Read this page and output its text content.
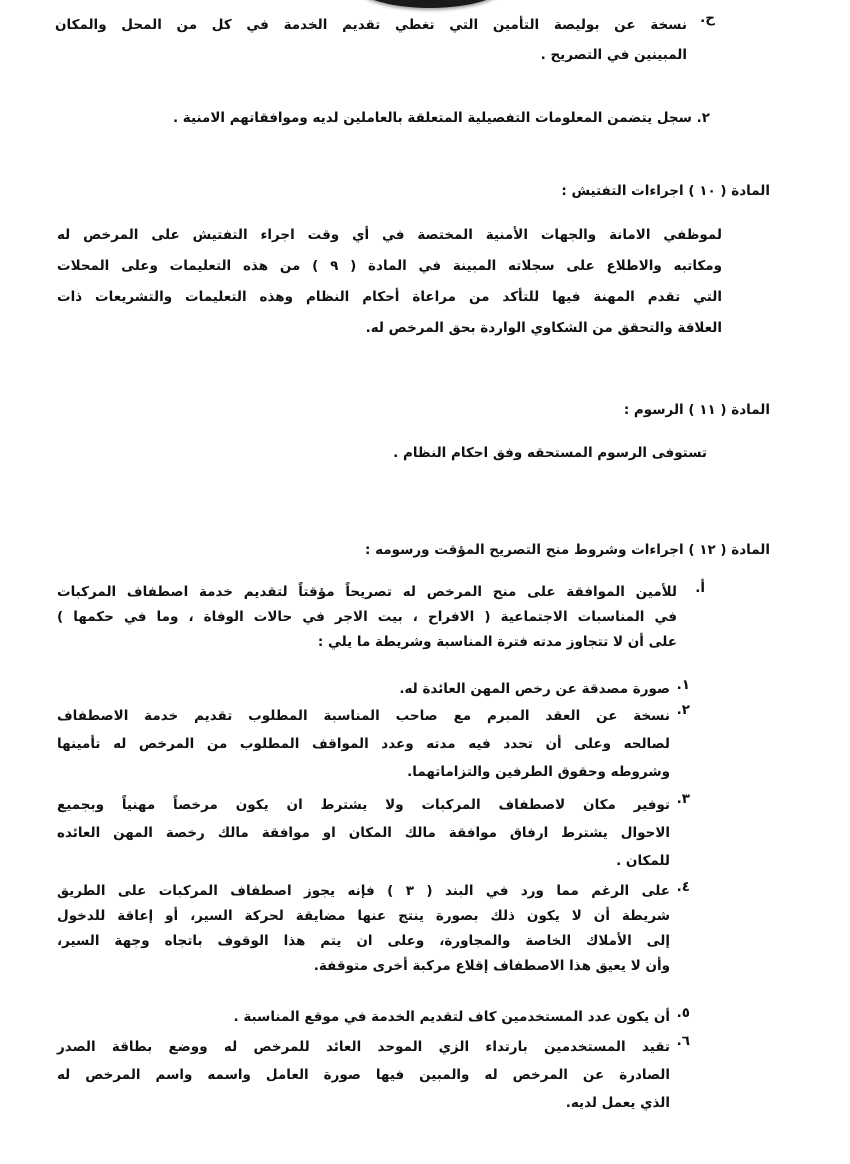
ح.
نسخة عن بوليصة التأمين التي تغطي تقديم الخدمة في كل من المحل والمكان
المبينين في التصريح .
٢. سجل يتضمن المعلومات التفصيلية المتعلقة بالعاملين لديه وموافقاتهم الامنية .
المادة ( ١٠ ) اجراءات التفتيش :
لموظفي الامانة والجهات الأمنية المختصة في أي وقت اجراء التفتيش على المرخص له
ومكاتبه والاطلاع على سجلاته المبينة في المادة ( ٩ ) من هذه التعليمات وعلى المحلات
التي تقدم المهنة فيها للتأكد من مراعاة أحكام النظام وهذه التعليمات والتشريعات ذات
العلاقة والتحقق من الشكاوي الواردة بحق المرخص له.
المادة ( ١١ ) الرسوم :
تستوفى الرسوم المستحقه وفق احكام النظام .
المادة ( ١٢ ) اجراءات وشروط منح التصريح المؤقت ورسومه :
أ.
للأمين الموافقة على منح المرخص له تصريحاً مؤقتاً لتقديم خدمة اصطفاف المركبات
في المناسبات الاجتماعية ( الافراح ، بيت الاجر في حالات الوفاة ، وما في حكمها )
على أن لا تتجاوز مدته فترة المناسبة وشريطة ما يلي :
١.
صورة مصدقة عن رخص المهن العائدة له.
٢.
نسخة عن العقد المبرم مع صاحب المناسبة المطلوب تقديم خدمة الاصطفاف
لصالحه وعلى أن تحدد فيه مدته وعدد المواقف المطلوب من المرخص له تأمينها
وشروطه وحقوق الطرفين والتزاماتهما.
٣.
توفير مكان لاصطفاف المركبات ولا يشترط ان يكون مرخصاً مهنياً وبجميع
الاحوال يشترط ارفاق موافقة مالك المكان او موافقة مالك رخصة المهن العائده
للمكان .
٤.
على الرغم مما ورد في البند ( ٣ ) فإنه يجوز اصطفاف المركبات على الطريق
شريطة أن لا يكون ذلك بصورة ينتج عنها مضايقة لحركة السير، أو إعاقة للدخول
إلى الأملاك الخاصة والمجاورة، وعلى ان يتم هذا الوقوف باتجاه وجهة السير،
وأن لا يعيق هذا الاصطفاف إقلاع مركبة أخرى متوقفة.
٥.
أن يكون عدد المستخدمين كاف لتقديم الخدمة في موقع المناسبة .
٦.
تقيد المستخدمين بارتداء الزي الموحد العائد للمرخص له ووضع بطاقة الصدر
الصادرة عن المرخص له والمبين فيها صورة العامل واسمه واسم المرخص له
الذي يعمل لديه.
